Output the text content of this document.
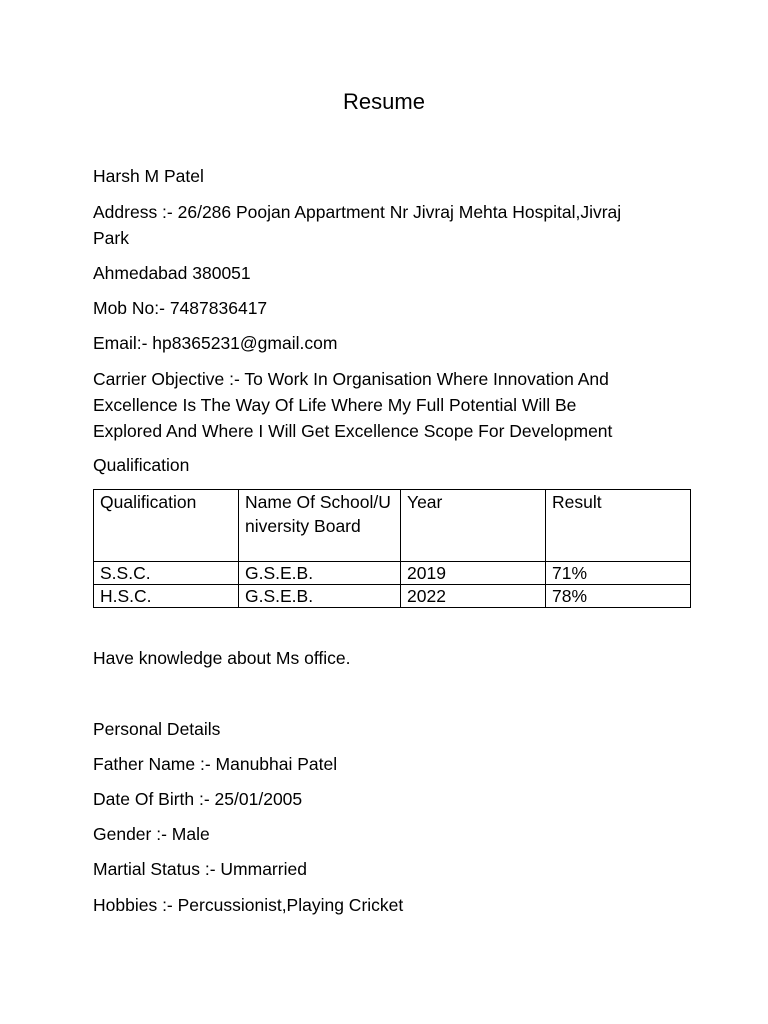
Resume
Harsh M Patel
Address :- 26/286 Poojan Appartment Nr Jivraj Mehta Hospital,Jivraj
Park
Ahmedabad 380051
Mob No:- 7487836417
Email:- hp8365231@gmail.com
Carrier Objective :- To Work In Organisation Where Innovation And
Excellence Is The Way Of Life Where My Full Potential Will Be
Explored And Where I Will Get Excellence Scope For Development
Qualification
Qualification	Name Of School/University Board	Year	Result
S.S.C.	G.S.E.B.	2019	71%
H.S.C.	G.S.E.B.	2022	78%
Have knowledge about Ms office.
Personal Details
Father Name :- Manubhai Patel
Date Of Birth :- 25/01/2005
Gender :- Male
Martial Status :- Ummarried
Hobbies :- Percussionist,Playing Cricket
